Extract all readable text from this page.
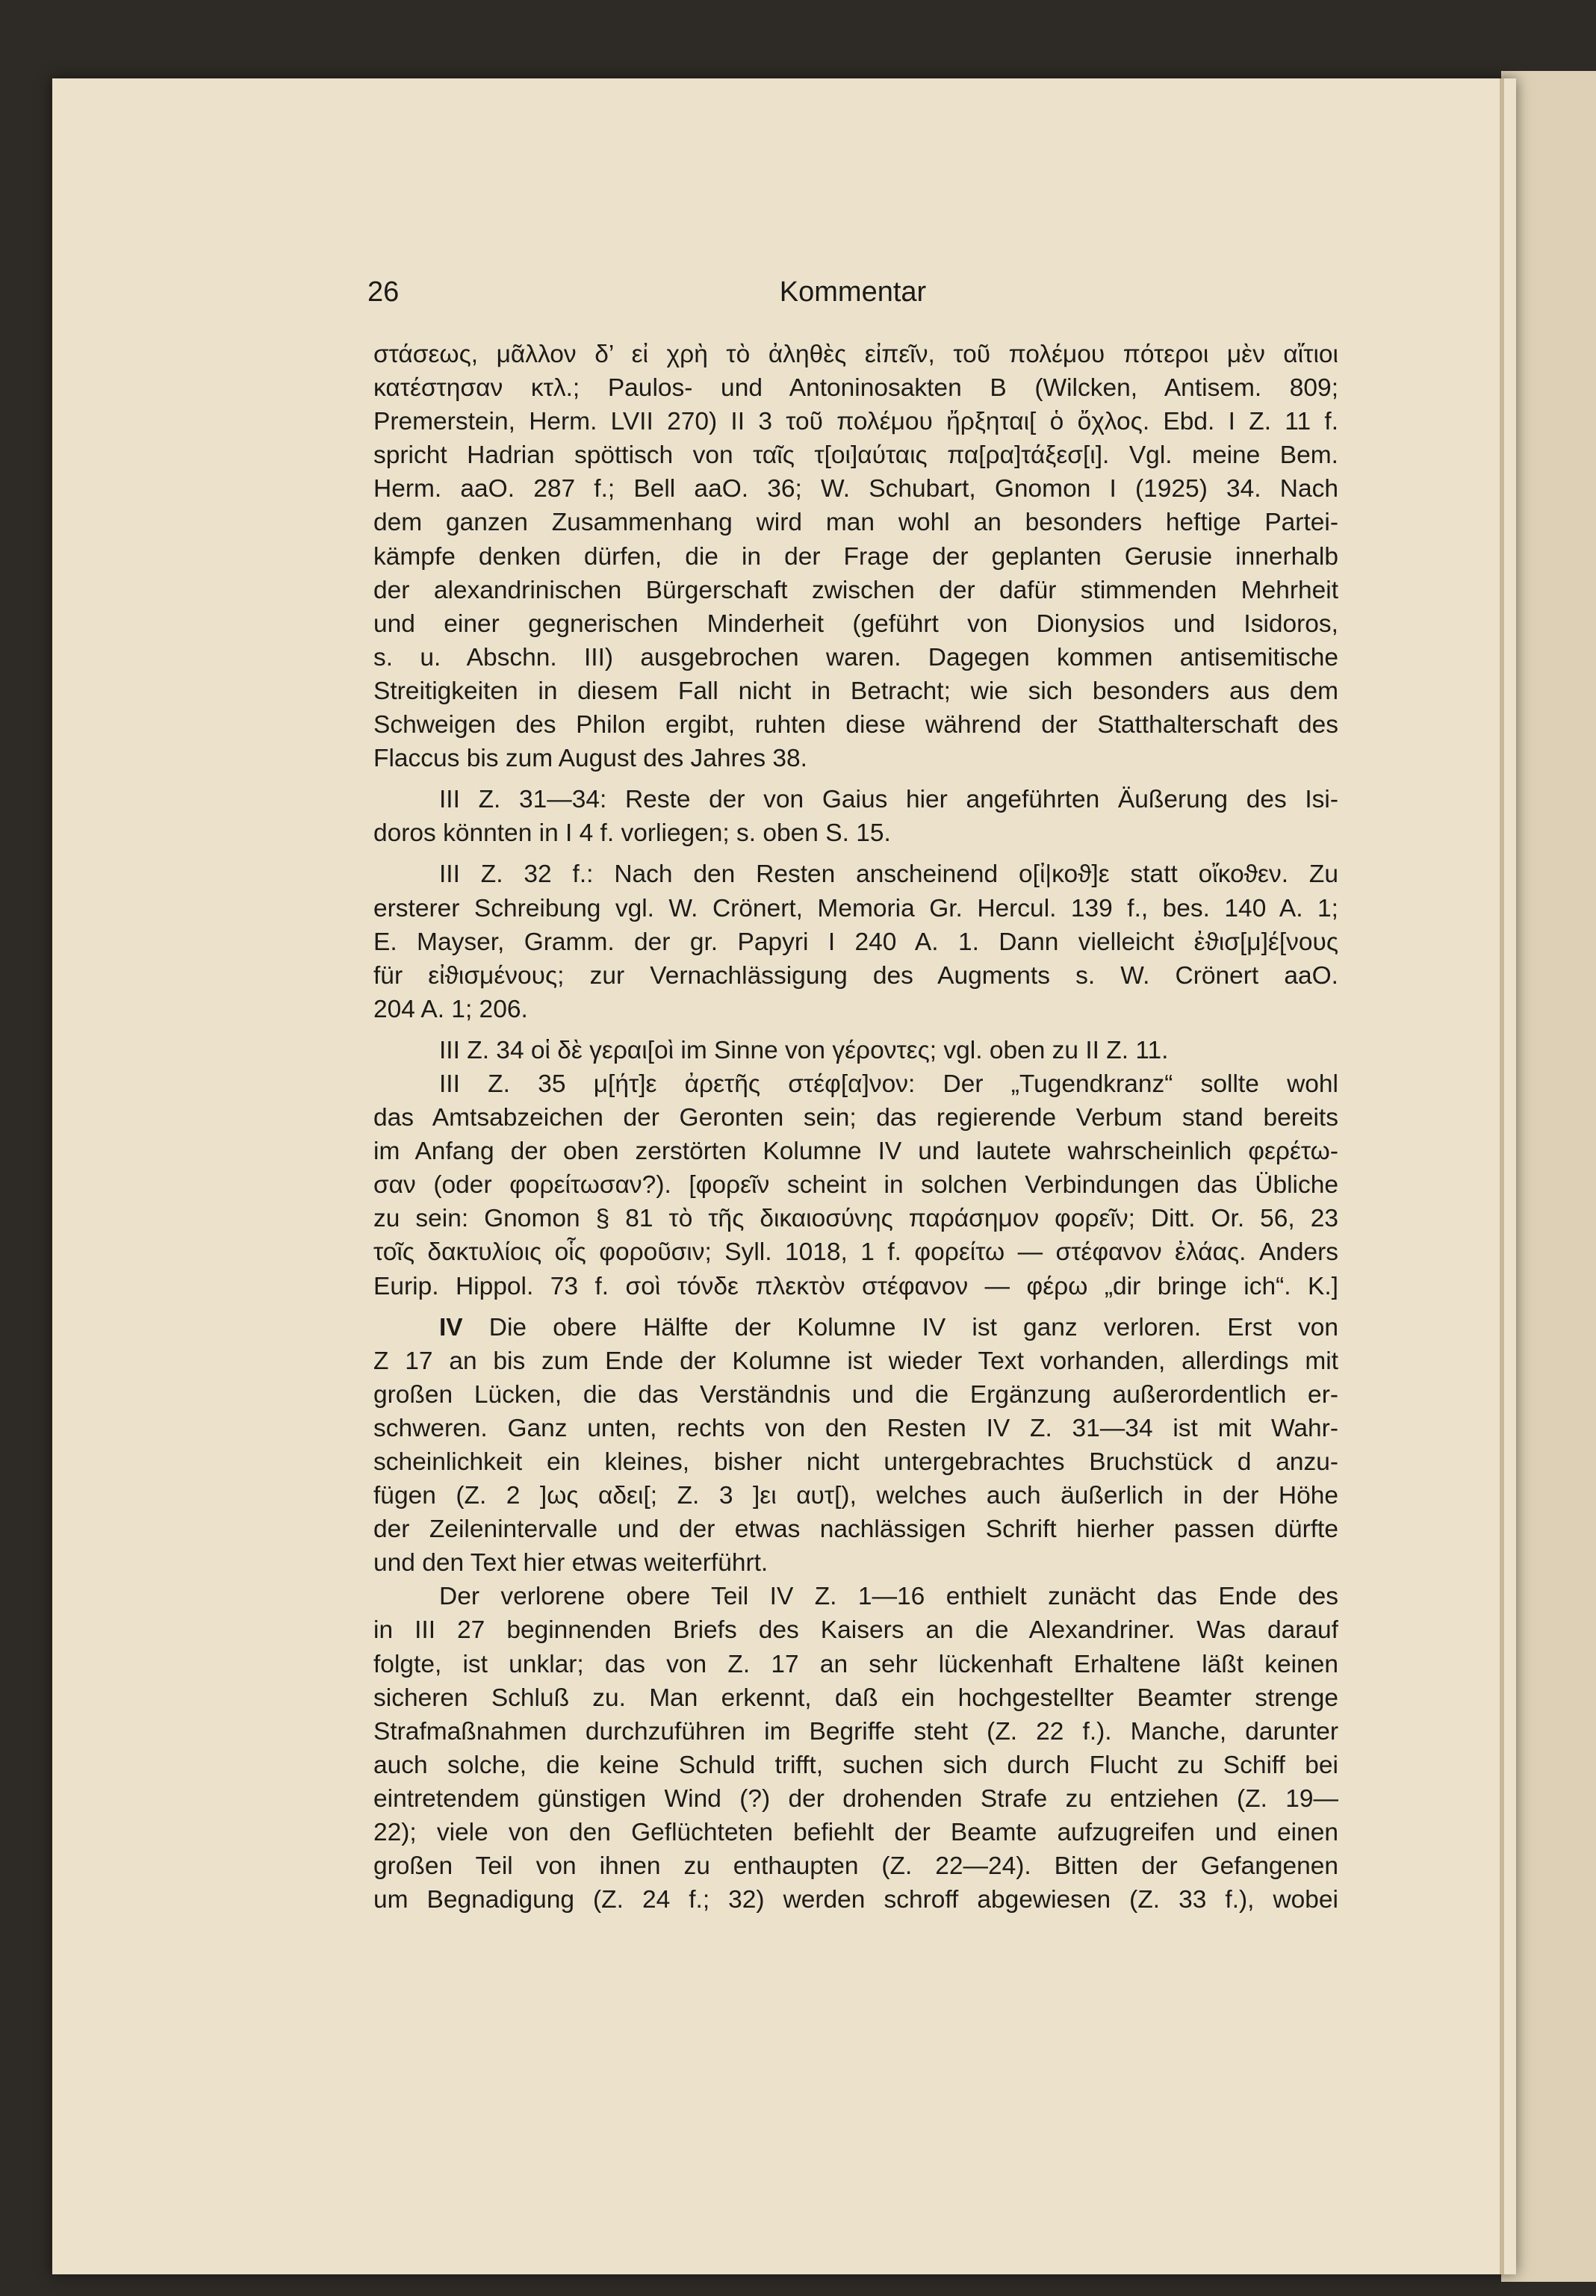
26	Kommentar
στάσεως, μᾶλλον δ’ εἰ χρὴ τὸ ἀληθὲς εἰπεῖν, τοῦ πολέμου πότεροι μὲν αἴτιοι
κατέστησαν κτλ.; Paulos- und Antoninosakten B (Wilcken, Antisem. 809;
Premerstein, Herm. LVII 270) II 3 τοῦ πολέμου ἤρξηται[ ὁ ὄχλος. Ebd. I Z. 11 f.
spricht Hadrian spöttisch von ταῖς τ[οι]αύταις πα[ρα]τάξεσ[ι]. Vgl. meine Bem.
Herm. aaO. 287 f.; Bell aaO. 36; W. Schubart, Gnomon I (1925) 34. Nach
dem ganzen Zusammenhang wird man wohl an besonders heftige Partei-
kämpfe denken dürfen, die in der Frage der geplanten Gerusie innerhalb
der alexandrinischen Bürgerschaft zwischen der dafür stimmenden Mehrheit
und einer gegnerischen Minderheit (geführt von Dionysios und Isidoros,
s. u. Abschn. III) ausgebrochen waren. Dagegen kommen antisemitische
Streitigkeiten in diesem Fall nicht in Betracht; wie sich besonders aus dem
Schweigen des Philon ergibt, ruhten diese während der Statthalterschaft des
Flaccus bis zum August des Jahres 38.
III Z. 31—34: Reste der von Gaius hier angeführten Äußerung des Isi-
doros könnten in I 4 f. vorliegen; s. oben S. 15.
III Z. 32 f.: Nach den Resten anscheinend ο[ἰ|κοϑ]ε statt οἴκοϑεν. Zu
ersterer Schreibung vgl. W. Crönert, Memoria Gr. Hercul. 139 f., bes. 140 A. 1;
E. Mayser, Gramm. der gr. Papyri I 240 A. 1. Dann vielleicht ἐϑισ[μ]έ[νους
für εἰϑισμένους; zur Vernachlässigung des Augments s. W. Crönert aaO.
204 A. 1; 206.
III Z. 34 οἱ δὲ γεραι[οὶ im Sinne von γέροντες; vgl. oben zu II Z. 11.
III Z. 35 μ[ήτ]ε ἀρετῆς στέφ[α]νον: Der „Tugendkranz“ sollte wohl
das Amtsabzeichen der Geronten sein; das regierende Verbum stand bereits
im Anfang der oben zerstörten Kolumne IV und lautete wahrscheinlich φερέτω-
σαν (oder φορείτωσαν?). [φορεῖν scheint in solchen Verbindungen das Übliche
zu sein: Gnomon § 81 τὸ τῆς δικαιοσύνης παράσημον φορεῖν; Ditt. Or. 56, 23
τοῖς δακτυλίοις οἷς φοροῦσιν; Syll. 1018, 1 f. φορείτω — στέφανον ἐλάας. Anders
Eurip. Hippol. 73 f. σοὶ τόνδε πλεκτὸν στέφανον — φέρω „dir bringe ich“. K.]
IV Die obere Hälfte der Kolumne IV ist ganz verloren. Erst von
Z 17 an bis zum Ende der Kolumne ist wieder Text vorhanden, allerdings mit
großen Lücken, die das Verständnis und die Ergänzung außerordentlich er-
schweren. Ganz unten, rechts von den Resten IV Z. 31—34 ist mit Wahr-
scheinlichkeit ein kleines, bisher nicht untergebrachtes Bruchstück d anzu-
fügen (Z. 2 ]ως αδει[; Z. 3 ]ει αυτ[), welches auch äußerlich in der Höhe
der Zeilenintervalle und der etwas nachlässigen Schrift hierher passen dürfte
und den Text hier etwas weiterführt.
Der verlorene obere Teil IV Z. 1—16 enthielt zunächt das Ende des
in III 27 beginnenden Briefs des Kaisers an die Alexandriner. Was darauf
folgte, ist unklar; das von Z. 17 an sehr lückenhaft Erhaltene läßt keinen
sicheren Schluß zu. Man erkennt, daß ein hochgestellter Beamter strenge
Strafmaßnahmen durchzuführen im Begriffe steht (Z. 22 f.). Manche, darunter
auch solche, die keine Schuld trifft, suchen sich durch Flucht zu Schiff bei
eintretendem günstigen Wind (?) der drohenden Strafe zu entziehen (Z. 19—
22); viele von den Geflüchteten befiehlt der Beamte aufzugreifen und einen
großen Teil von ihnen zu enthaupten (Z. 22—24). Bitten der Gefangenen
um Begnadigung (Z. 24 f.; 32) werden schroff abgewiesen (Z. 33 f.), wobei
